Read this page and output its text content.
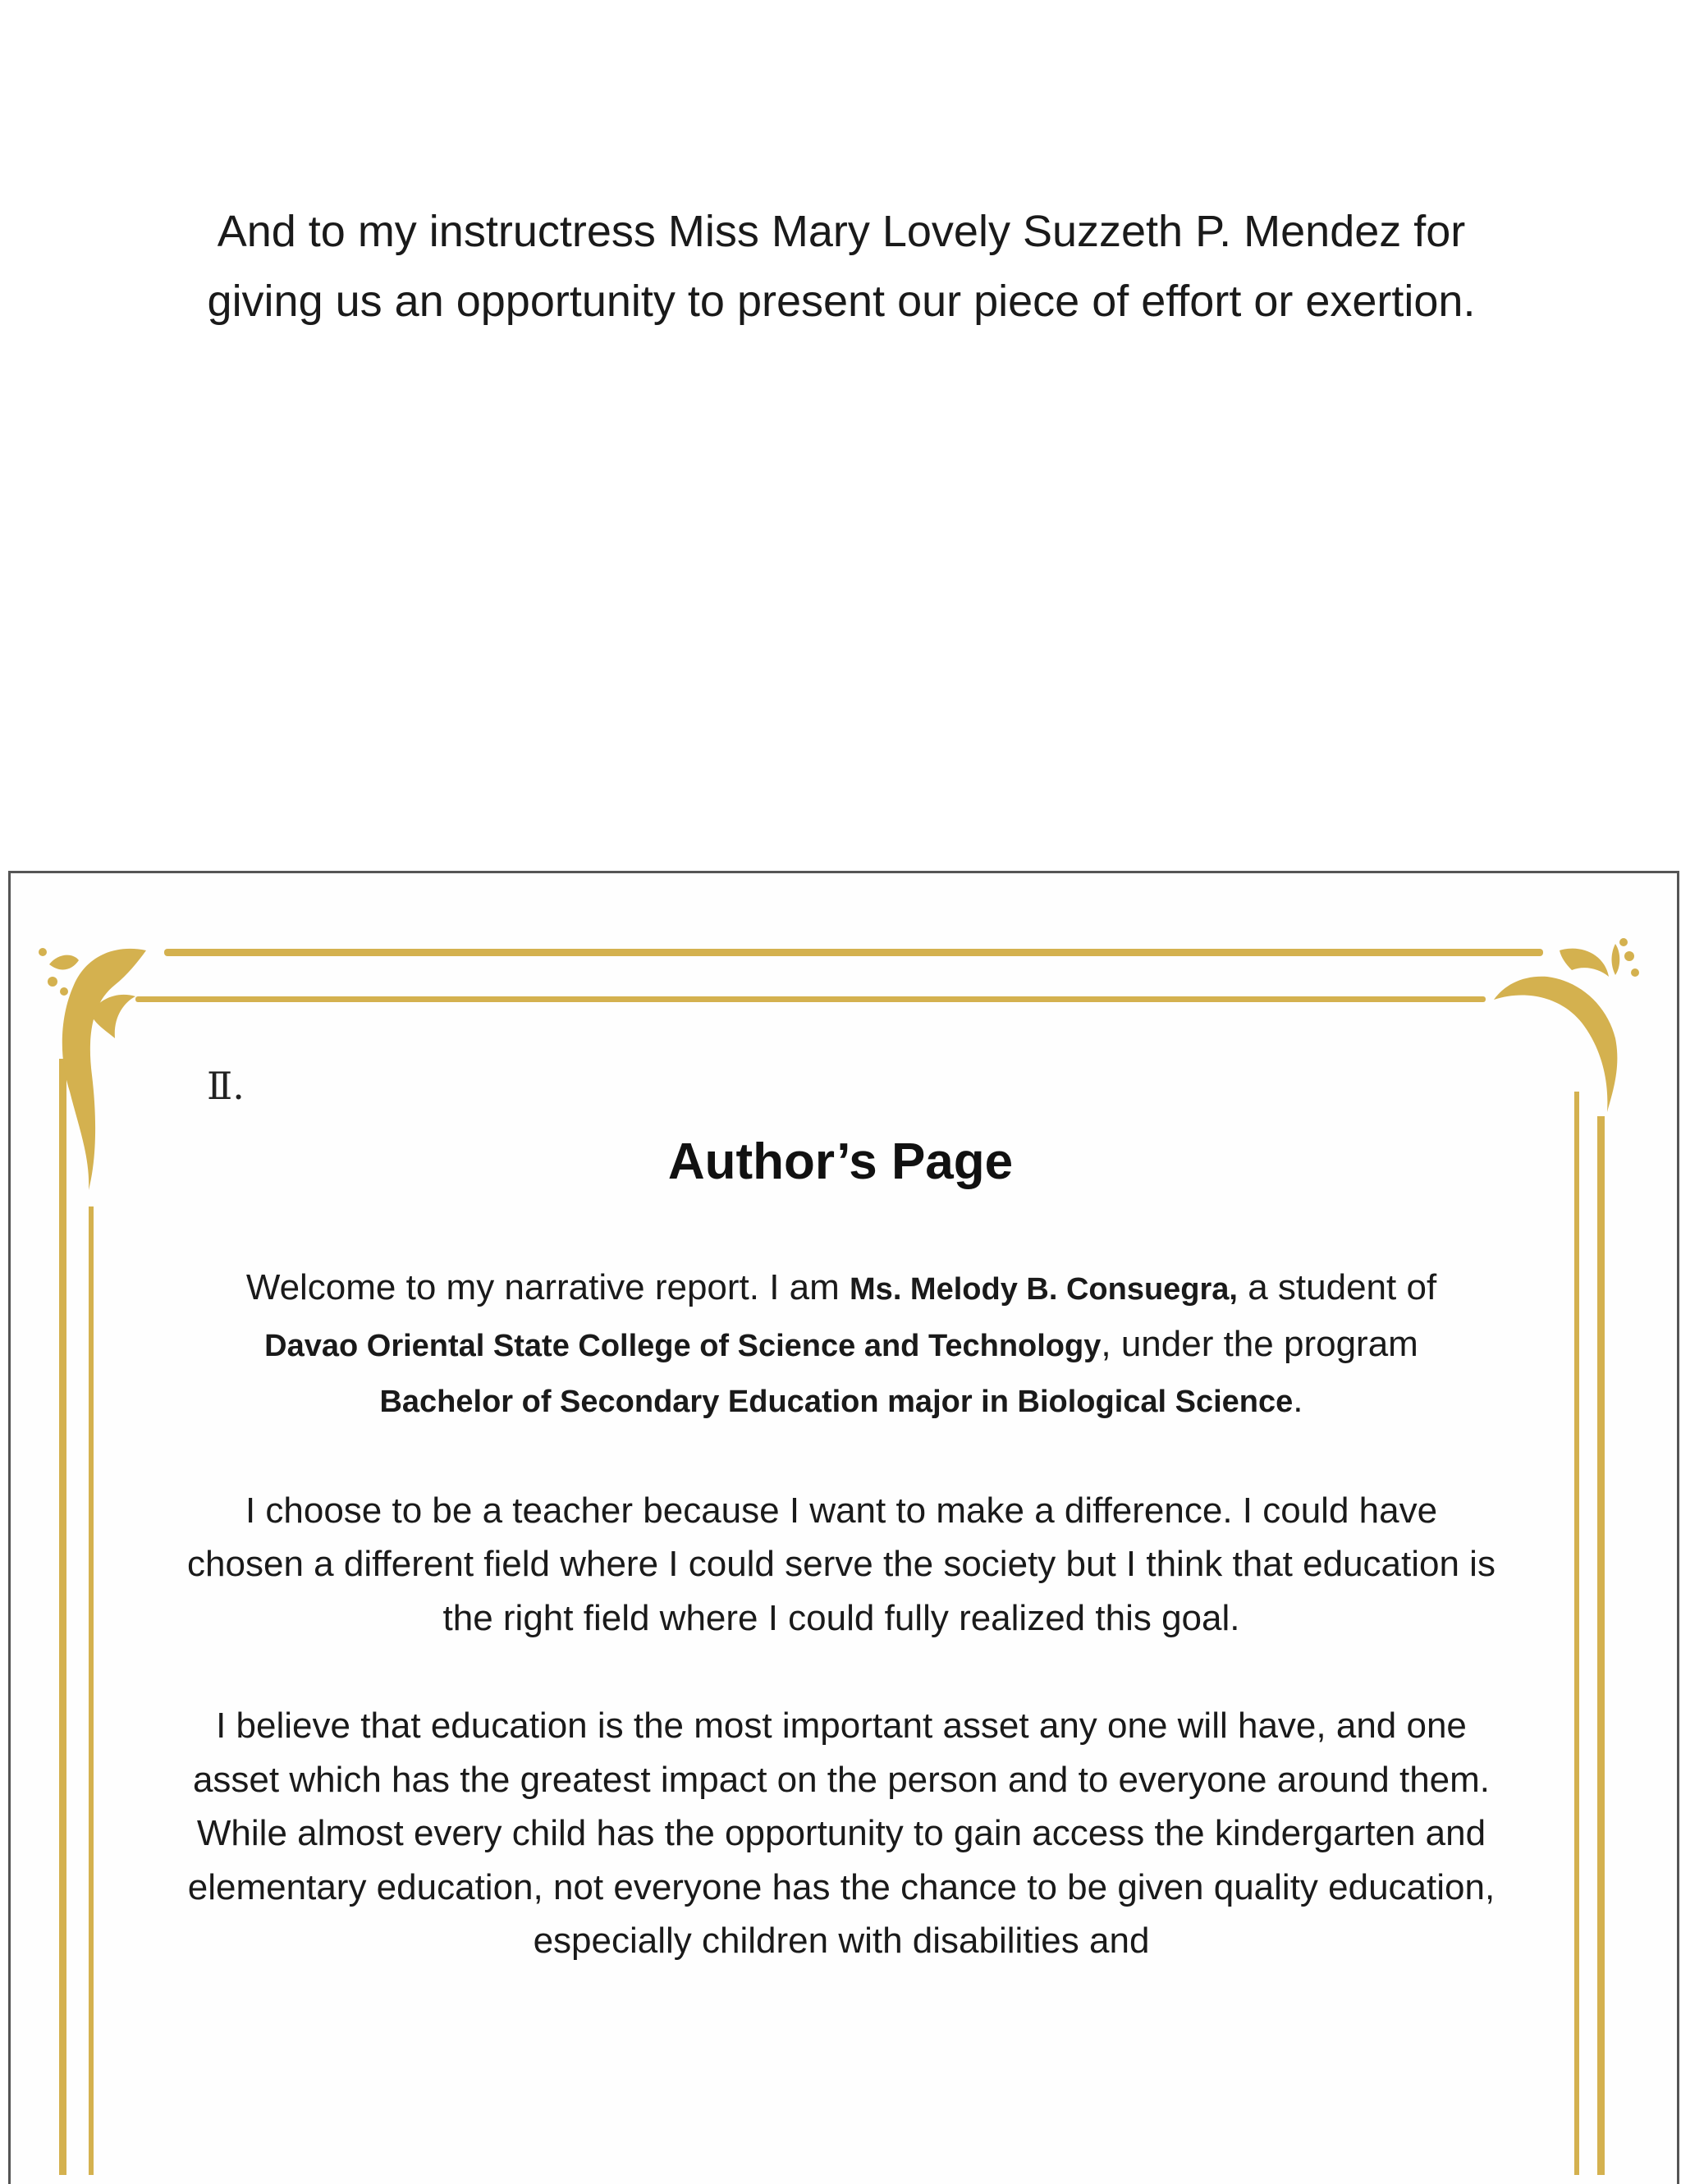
And to my instructress Miss Mary Lovely Suzzeth P. Mendez for giving us an opportunity to present our piece of effort or exertion.
Ⅱ.
Author’s Page

Welcome to my narrative report. I am Ms. Melody B. Consuegra, a student of
Davao Oriental State College of Science and Technology, under the program
Bachelor of Secondary Education major in Biological Science.

I choose to be a teacher because I want to make a difference. I could have chosen a different field where I could serve the society but I think that education is the right field where I could fully realized this goal.

I believe that education is the most important asset any one will have, and one asset which has the greatest impact on the person and to everyone around them. While almost every child has the opportunity to gain access the kindergarten and elementary education, not everyone has the chance to be given quality education, especially children with disabilities and
